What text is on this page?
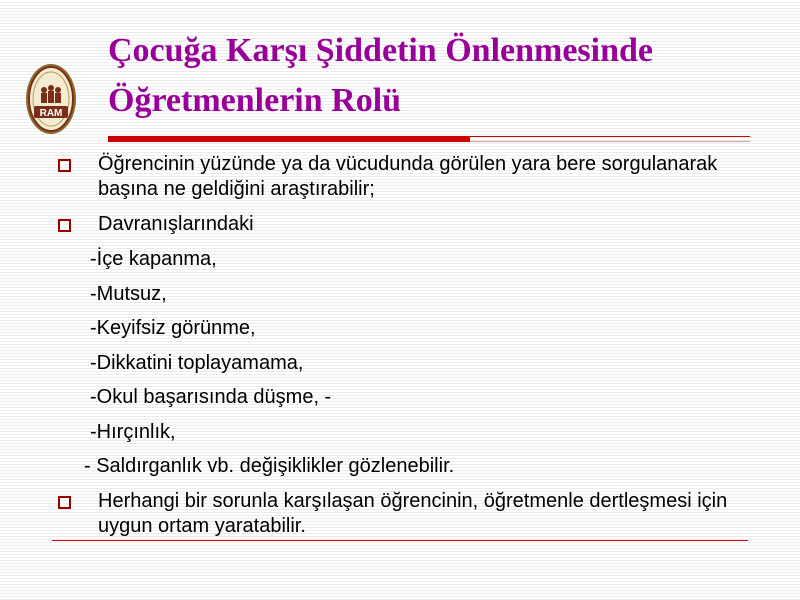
RAM
Çocuğa Karşı Şiddetin Önlenmesinde
Öğretmenlerin Rolü
Öğrencinin yüzünde ya da vücudunda görülen yara bere sorgulanarak başına ne geldiğini araştırabilir;
Davranışlarındaki
-İçe kapanma,
-Mutsuz,
-Keyifsiz görünme,
-Dikkatini toplayamama,
-Okul başarısında düşme, -
-Hırçınlık,
- Saldırganlık vb. değişiklikler gözlenebilir.
Herhangi bir sorunla karşılaşan öğrencinin, öğretmenle dertleşmesi için uygun ortam yaratabilir.
